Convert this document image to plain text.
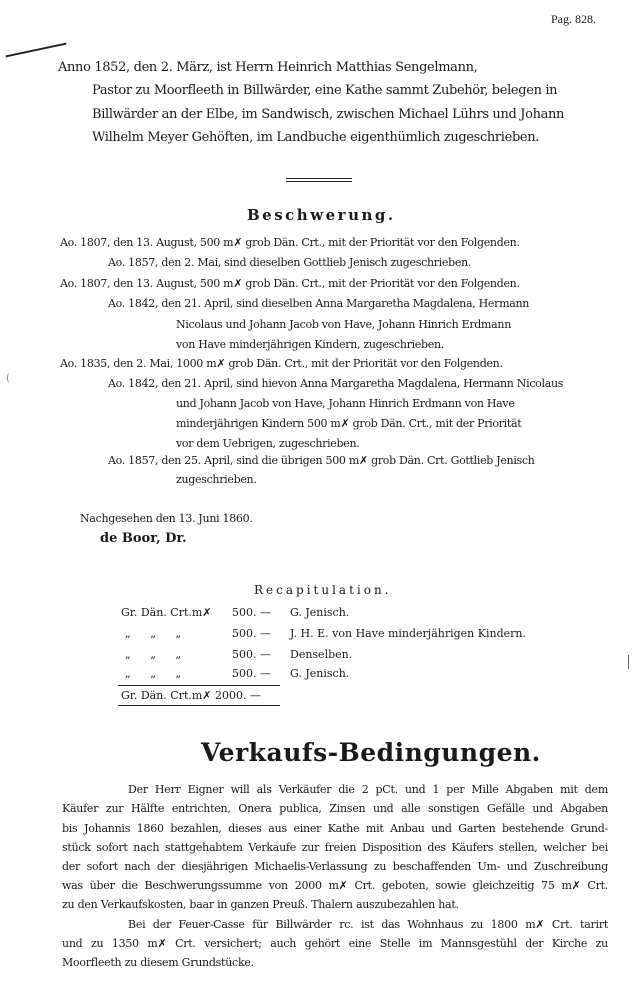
Pag. 828.
Anno 1852, den 2. März, ist Herrn Heinrich Matthias Sengelmann,
Pastor zu Moorfleeth in Billwärder, eine Kathe sammt Zubehör, belegen in
Billwärder an der Elbe, im Sandwisch, zwischen Michael Lührs und Johann
Wilhelm Meyer Gehöften, im Landbuche eigenthümlich zugeschrieben.
Beschwerung.
Ao. 1807, den 13. August, 500 m✗ grob Dän. Crt., mit der Priorität vor den Folgenden.
Ao. 1857, den 2. Mai, sind dieselben Gottlieb Jenisch zugeschrieben.
Ao. 1807, den 13. August, 500 m✗ grob Dän. Crt., mit der Priorität vor den Folgenden.
Ao. 1842, den 21. April, sind dieselben Anna Margaretha Magdalena, Hermann
Nicolaus und Johann Jacob von Have, Johann Hinrich Erdmann
von Have minderjährigen Kindern, zugeschrieben.
Ao. 1835, den 2. Mai, 1000 m✗ grob Dän. Crt., mit der Priorität vor den Folgenden.
Ao. 1842, den 21. April, sind hievon Anna Margaretha Magdalena, Hermann Nicolaus
und Johann Jacob von Have, Johann Hinrich Erdmann von Have
minderjährigen Kindern 500 m✗ grob Dän. Crt., mit der Priorität
vor dem Uebrigen, zugeschrieben.
Ao. 1857, den 25. April, sind die übrigen 500 m✗ grob Dän. Crt. Gottlieb Jenisch
zugeschrieben.
Nachgesehen den 13. Juni 1860.
de Boor, Dr.
Recapitulation.
Gr. Dän. Crt.m✗ 500. — G. Jenisch.
„ „ „	500. — J. H. E. von Have minderjährigen Kindern.
„ „ „	500. — Denselben.
„ „ „	500. — G. Jenisch.
Gr. Dän. Crt.m✗ 2000. —
Verkaufs-Bedingungen.
Der Herr Eigner will als Verkäufer die 2 pCt. und 1 per Mille Abgaben mit dem
Käufer zur Hälfte entrichten, Onera publica, Zinsen und alle sonstigen Gefälle und Abgaben
bis Johannis 1860 bezahlen, dieses aus einer Kathe mit Anbau und Garten bestehende Grund-
stück sofort nach stattgehabtem Verkaufe zur freien Disposition des Käufers stellen, welcher bei
der sofort nach der diesjährigen Michaelis-Verlassung zu beschaffenden Um- und Zuschreibung
was über die Beschwerungssumme von 2000 m✗ Crt. geboten, sowie gleichzeitig 75 m✗ Crt.
zu den Verkaufskosten, baar in ganzen Preuß. Thalern auszubezahlen hat.
Bei der Feuer-Casse für Billwärder rc. ist das Wohnhaus zu 1800 m✗ Crt. tarirt
und zu 1350 m✗ Crt. versichert; auch gehört eine Stelle im Mannsgestühl der Kirche zu
Moorfleeth zu diesem Grundstücke.
